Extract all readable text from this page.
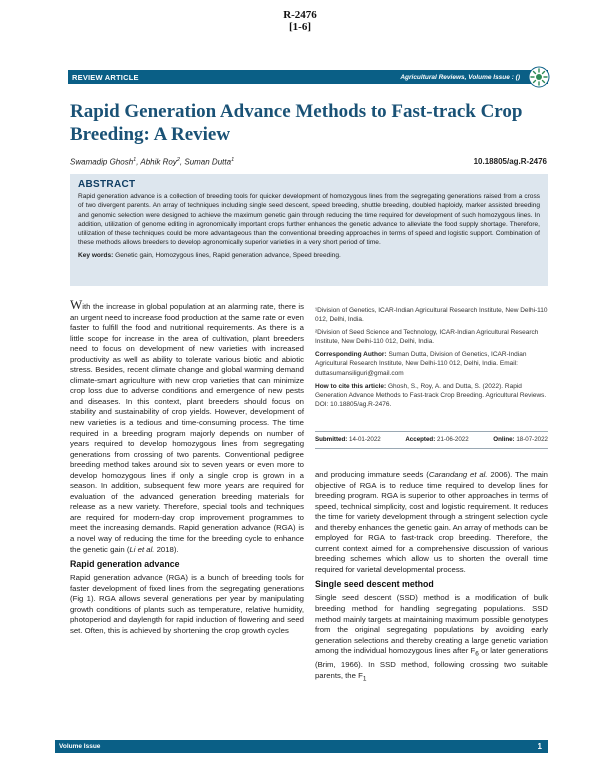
R-2476
[1-6]
REVIEW ARTICLE	Agricultural Reviews, Volume Issue : ()
Rapid Generation Advance Methods to Fast-track Crop Breeding: A Review
Swamadip Ghosh$^1$, Abhik Roy$^2$, Suman Dutta$^1$	10.18805/ag.R-2476
ABSTRACT

Rapid generation advance is a collection of breeding tools for quicker development of homozygous lines from the segregating generations raised from a cross of two divergent parents. An array of techniques including single seed descent, speed breeding, shuttle breeding, doubled haploidy, marker assisted breeding and genomic selection were designed to achieve the maximum genetic gain through reducing the time required for development of such homozygous lines. In addition, utilization of genome editing in agronomically important crops further enhances the genetic advance to alleviate the food supply shortage. Therefore, utilization of these techniques could be more advantageous than the conventional breeding approaches in terms of speed and logistic support. Combination of these methods allows breeders to develop agronomically superior varieties in a very short period of time.

Key words: Genetic gain, Homozygous lines, Rapid generation advance, Speed breeding.

With the increase in global population at an alarming rate, there is an urgent need to increase food production at the same rate or even faster to fulfill the food and nutritional requirements. As there is a little scope for increase in the area of cultivation, plant breeders need to focus on development of new varieties with increased productivity as well as ability to tolerate various biotic and abiotic stress. Besides, recent climate change and global warming demand climate-smart agriculture with new crop varieties that can minimize crop loss due to adverse conditions and emergence of new pests and diseases. In this context, plant breeders should focus on stability and sustainability of crop yields. However, development of new varieties is a tedious and time-consuming process. The time required in a breeding program majorly depends on number of years required to develop homozygous lines from segregating generations from crossing of two parents. Conventional pedigree breeding method takes around six to seven years or even more to develop homozygous lines if only a single crop is grown in a season. In addition, subsequent few more years are required for evaluation of the advanced generation breeding materials for release as a new variety. Therefore, special tools and techniques are required for modern-day crop improvement programmes to meet the increasing demands. Rapid generation advance (RGA) is a novel way of reducing the time for the breeding cycle to enhance the genetic gain (Li et al. 2018).

Rapid generation advance

Rapid generation advance (RGA) is a bunch of breeding tools for faster development of fixed lines from the segregating generations (Fig 1). RGA allows several generations per year by manipulating growth conditions of plants such as temperature, relative humidity, photoperiod and daylength for rapid induction of flowering and seed set. Often, this is achieved by shortening the crop growth cycles

¹Division of Genetics, ICAR-Indian Agricultural Research Institute, New Delhi-110 012, Delhi, India.

²Division of Seed Science and Technology, ICAR-Indian Agricultural Research Institute, New Delhi-110 012, Delhi, India.

Corresponding Author: Suman Dutta, Division of Genetics, ICAR-Indian Agricultural Research Institute, New Delhi-110 012, Delhi, India. Email: duttasumansiliguri@gmail.com

How to cite this article: Ghosh, S., Roy, A. and Dutta, S. (2022). Rapid Generation Advance Methods to Fast-track Crop Breeding. Agricultural Reviews. DOI: 10.18805/ag.R-2476.

Submitted: 14-01-2022	Accepted: 21-06-2022	Online: 18-07-2022

and producing immature seeds (Carandang et al. 2006). The main objective of RGA is to reduce time required to develop lines for breeding program. RGA is superior to other approaches in terms of speed, technical simplicity, cost and logistic requirement. It reduces the time for variety development through a stringent selection cycle and thereby enhances the genetic gain. An array of methods can be employed for RGA to fast-track crop breeding. Therefore, the current context aimed for a comprehensive discussion of various breeding schemes which allow us to shorten the overall time required for varietal developmental process.

Single seed descent method

Single seed descent (SSD) method is a modification of bulk breeding method for handling segregating populations. SSD method mainly targets at maintaining maximum possible genotypes from the original segregating populations by avoiding early generation selections and thereby creating a large genetic variation among the individual homozygous lines after $F_6$ or later generations (Brim, 1966). In SSD method, following crossing two suitable parents, the $F_1$

Volume Issue	1
